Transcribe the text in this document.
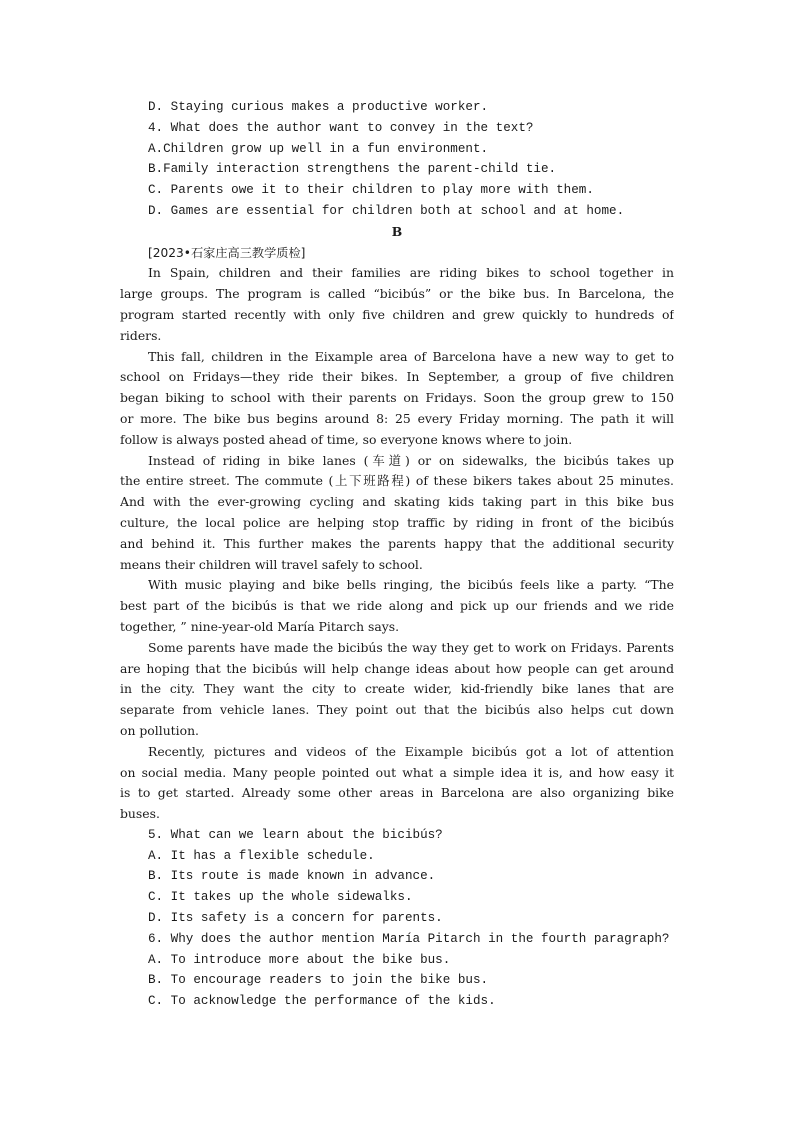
D. Staying curious makes a productive worker.
4. What does the author want to convey in the text?
A.Children grow up well in a fun environment.
B.Family interaction strengthens the parent-child tie.
C. Parents owe it to their children to play more with them.
D. Games are essential for children both at school and at home.
B
[2023•石家庄高三教学质检]
In Spain, children and their families are riding bikes to school together in
large groups. The program is called “bicibús” or the bike bus. In Barcelona, the
program started recently with only five children and grew quickly to hundreds of
riders.
This fall, children in the Eixample area of Barcelona have a new way to get to
school on Fridays—they ride their bikes. In September, a group of five children
began biking to school with their parents on Fridays. Soon the group grew to 150
or more. The bike bus begins around 8: 25 every Friday morning. The path it will
follow is always posted ahead of time, so everyone knows where to join.
Instead of riding in bike lanes (车道) or on sidewalks, the bicibús takes up
the entire street. The commute (上下班路程) of these bikers takes about 25 minutes.
And with the ever-growing cycling and skating kids taking part in this bike bus
culture, the local police are helping stop traffic by riding in front of the bicibús
and behind it. This further makes the parents happy that the additional security
means their children will travel safely to school.
With music playing and bike bells ringing, the bicibús feels like a party. “The
best part of the bicibús is that we ride along and pick up our friends and we ride
together, ” nine-year-old María Pitarch says.
Some parents have made the bicibús the way they get to work on Fridays. Parents
are hoping that the bicibús will help change ideas about how people can get around
in the city. They want the city to create wider, kid-friendly bike lanes that are
separate from vehicle lanes. They point out that the bicibús also helps cut down
on pollution.
Recently, pictures and videos of the Eixample bicibús got a lot of attention
on social media. Many people pointed out what a simple idea it is, and how easy it
is to get started. Already some other areas in Barcelona are also organizing bike
buses.
5. What can we learn about the bicibús?
A. It has a flexible schedule.
B. Its route is made known in advance.
C. It takes up the whole sidewalks.
D. Its safety is a concern for parents.
6. Why does the author mention María Pitarch in the fourth paragraph?
A. To introduce more about the bike bus.
B. To encourage readers to join the bike bus.
C. To acknowledge the performance of the kids.
